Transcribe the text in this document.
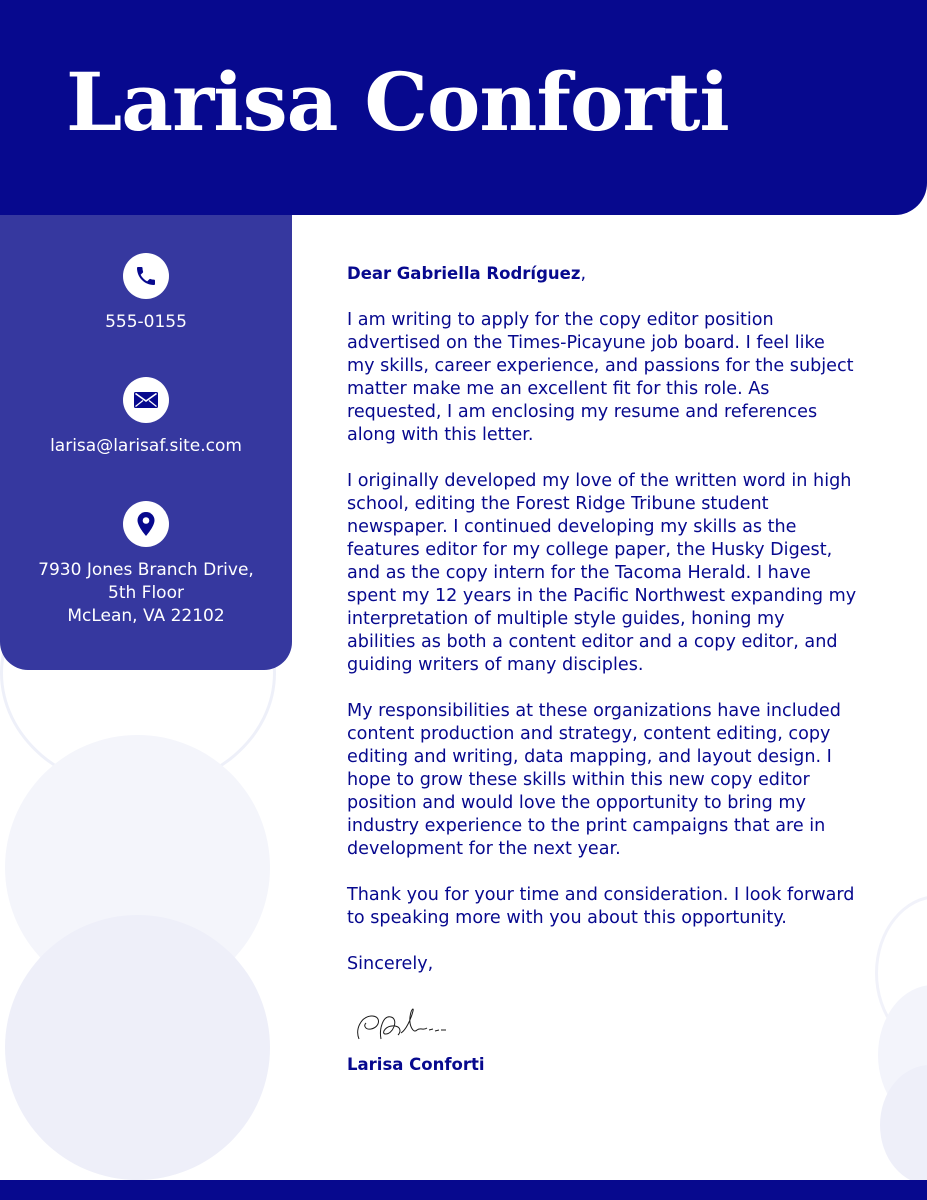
Larisa Conforti
555-0155
larisa@larisaf.site.com
7930 Jones Branch Drive,
5th Floor
McLean, VA 22102

Dear Gabriella Rodríguez,

I am writing to apply for the copy editor position advertised on the Times-Picayune job board. I feel like my skills, career experience, and passions for the subject matter make me an excellent fit for this role. As requested, I am enclosing my resume and references along with this letter.

I originally developed my love of the written word in high school, editing the Forest Ridge Tribune student newspaper. I continued developing my skills as the features editor for my college paper, the Husky Digest, and as the copy intern for the Tacoma Herald. I have spent my 12 years in the Pacific Northwest expanding my interpretation of multiple style guides, honing my abilities as both a content editor and a copy editor, and guiding writers of many disciples.

My responsibilities at these organizations have included content production and strategy, content editing, copy editing and writing, data mapping, and layout design. I hope to grow these skills within this new copy editor position and would love the opportunity to bring my industry experience to the print campaigns that are in development for the next year.

Thank you for your time and consideration. I look forward to speaking more with you about this opportunity.

Sincerely,

Larisa Conforti
